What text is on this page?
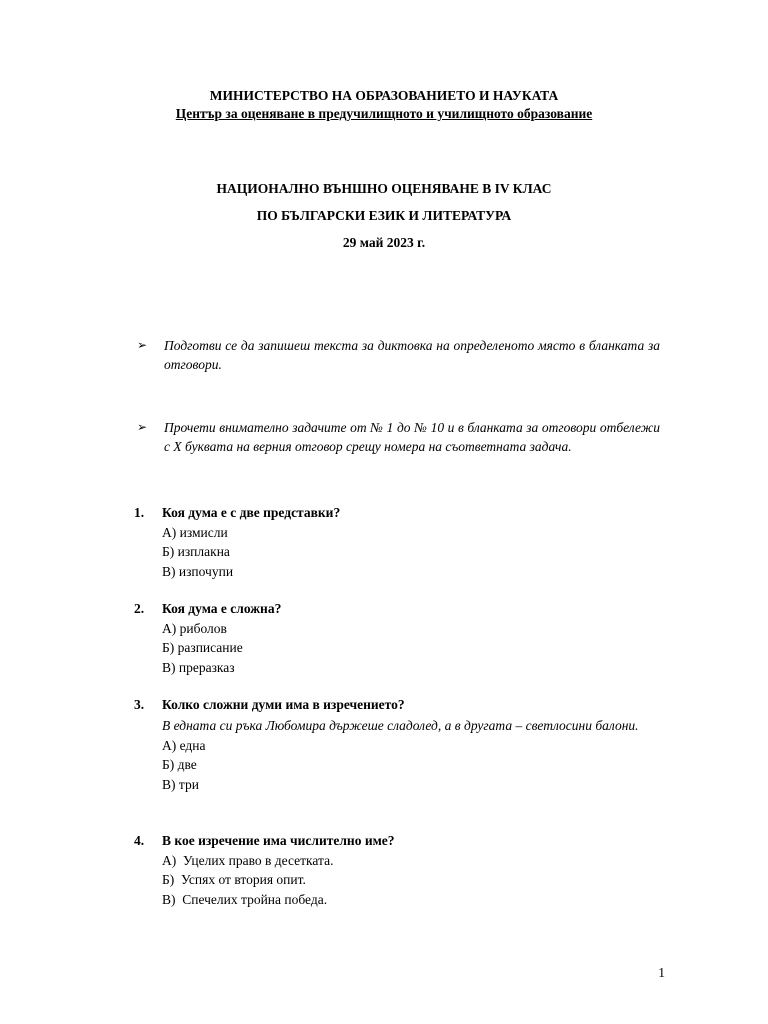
МИНИСТЕРСТВО НА ОБРАЗОВАНИЕТО И НАУКАТА
Център за оценяване в предучилищното и училищното образование
НАЦИОНАЛНО ВЪНШНО ОЦЕНЯВАНЕ В IV КЛАС
ПО БЪЛГАРСКИ ЕЗИК И ЛИТЕРАТУРА
29 май 2023 г.
➢ Подготви се да запишеш текста за диктовка на определеното място в бланката за отговори.
➢ Прочети внимателно задачите от № 1 до № 10 и в бланката за отговори отбележи с Х буквата на верния отговор срещу номера на съответната задача.
1. Коя дума е с две представки?
А) измисли
Б) изплакна
В) изпочупи
2. Коя дума е сложна?
А) риболов
Б) разписание
В) преразказ
3. Колко сложни думи има в изречението?
В едната си ръка Любомира държеше сладолед, а в другата – светлосини балони.
А) една
Б) две
В) три
4. В кое изречение има числително име?
А)  Уцелих право в десетката.
Б)  Успях от втория опит.
В)  Спечелих тройна победа.
1
